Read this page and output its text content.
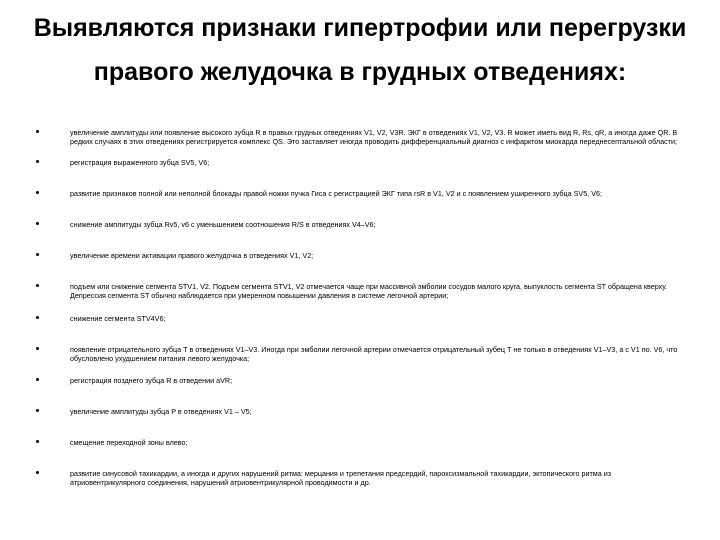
Выявляются признаки гипертрофии или перегрузки правого желудочка в грудных отведениях:
увеличение амплитуды или появление высокого зубца R в правых грудных отведениях V1, V2, V3R. ЭКГ в отведениях V1, V2, V3. R может иметь вид R, Rs, qR, а иногда даже QR. В редких случаях в этих отведениях регистрируется комплекс QS. Это заставляет иногда проводить дифференциальный диагноз с инфарктом миокарда переднесептальной области;
регистрация выраженного зубца SV5, V6;
развитие признаков полной или неполной блокады правой ножки пучка Гиса с регистрацией ЭКГ типа rsR в V1, V2 и с появлением уширенного зубца SV5, V6;
снижение амплитуды зубца Rv5, v6 с уменьшением соотношения R/S в отведениях V4–V6;
увеличение времени активации правого желудочка в отведениях V1, V2;
подъем или снижение сегмента STV1, V2. Подъем сегмента STV1, V2 отмечается чаще при массивной эмболии сосудов малого круга, выпуклость сегмента ST обращена кверху. Депрессия сегмента ST обычно наблюдается при умеренном повышении давления в системе легочной артерии;
снижение сегмента STV4V6;
появление отрицательного зубца Т в отведениях V1–V3. Иногда при эмболии легочной артерии отмечается отрицательный зубец Т не только в отведениях V1–V3, а с V1 по. V6, что обусловлено ухудшением питания левого желудочка;
регистрация позднего зубца R в отведении aVR;
увеличение амплитуды зубца P в отведениях V1 – V5;
смещение переходной зоны влево;
развитие синусовой тахикардии, а иногда и других нарушений ритма: мерцания и трепетания предсердий, пароксизмальной тахикардии, эктопического ритма из атриовентрикулярного соединения, нарушений атриовентрикулярной проводимости и др.
